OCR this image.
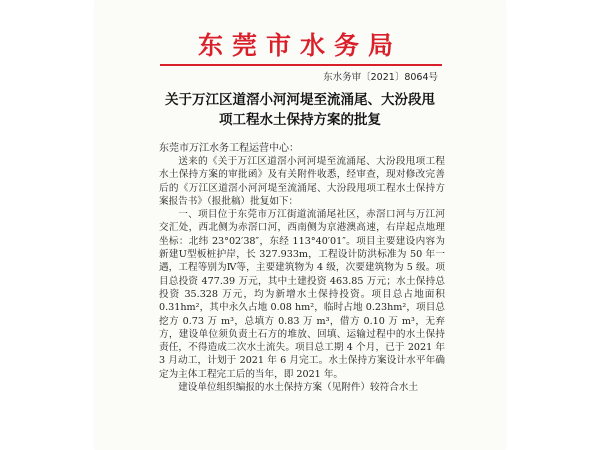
东莞市水务局
东水务审〔2021〕8064号
关于万江区道滘小河河堤至流涌尾、大汾段甩
项工程水土保持方案的批复
东莞市万江水务工程运营中心：

送来的《关于万江区道滘小河河堤至流涌尾、大汾段甩项工程水土保持方案的审批函》及有关附件收悉，经审查，现对修改完善后的《万江区道滘小河河堤至流涌尾、大汾段甩项工程水土保持方案报告书》（报批稿）批复如下：

一、项目位于东莞市万江街道流涌尾社区，赤滘口河与万江河交汇处，西北侧为赤滘口河，西南侧为京港澳高速，右岸起点地理坐标：北纬 23°02′38″，东经 113°40′01″。项目主要建设内容为新建U型板桩护岸，长 327.933m，工程设计防洪标准为 50 年一遇，工程等别为Ⅳ等，主要建筑物为 4 级，次要建筑物为 5 级。项目总投资 477.39 万元，其中土建投资 463.85 万元；水土保持总投资 35.328 万元，均为新增水土保持投资。项目总占地面积 0.31hm²，其中永久占地 0.08 hm²，临时占地 0.23hm²，项目总挖方 0.73 万 m³，总填方 0.83 万 m³，借方 0.10 万 m³，无弃方，建设单位须负责土石方的堆放、回填、运输过程中的水土保持责任，不得造成二次水土流失。项目总工期 4 个月，已于 2021 年 3 月动工，计划于 2021 年 6 月完工。水土保持方案设计水平年确定为主体工程完工后的当年，即 2021 年。

建设单位组织编报的水土保持方案（见附件）较符合水土
